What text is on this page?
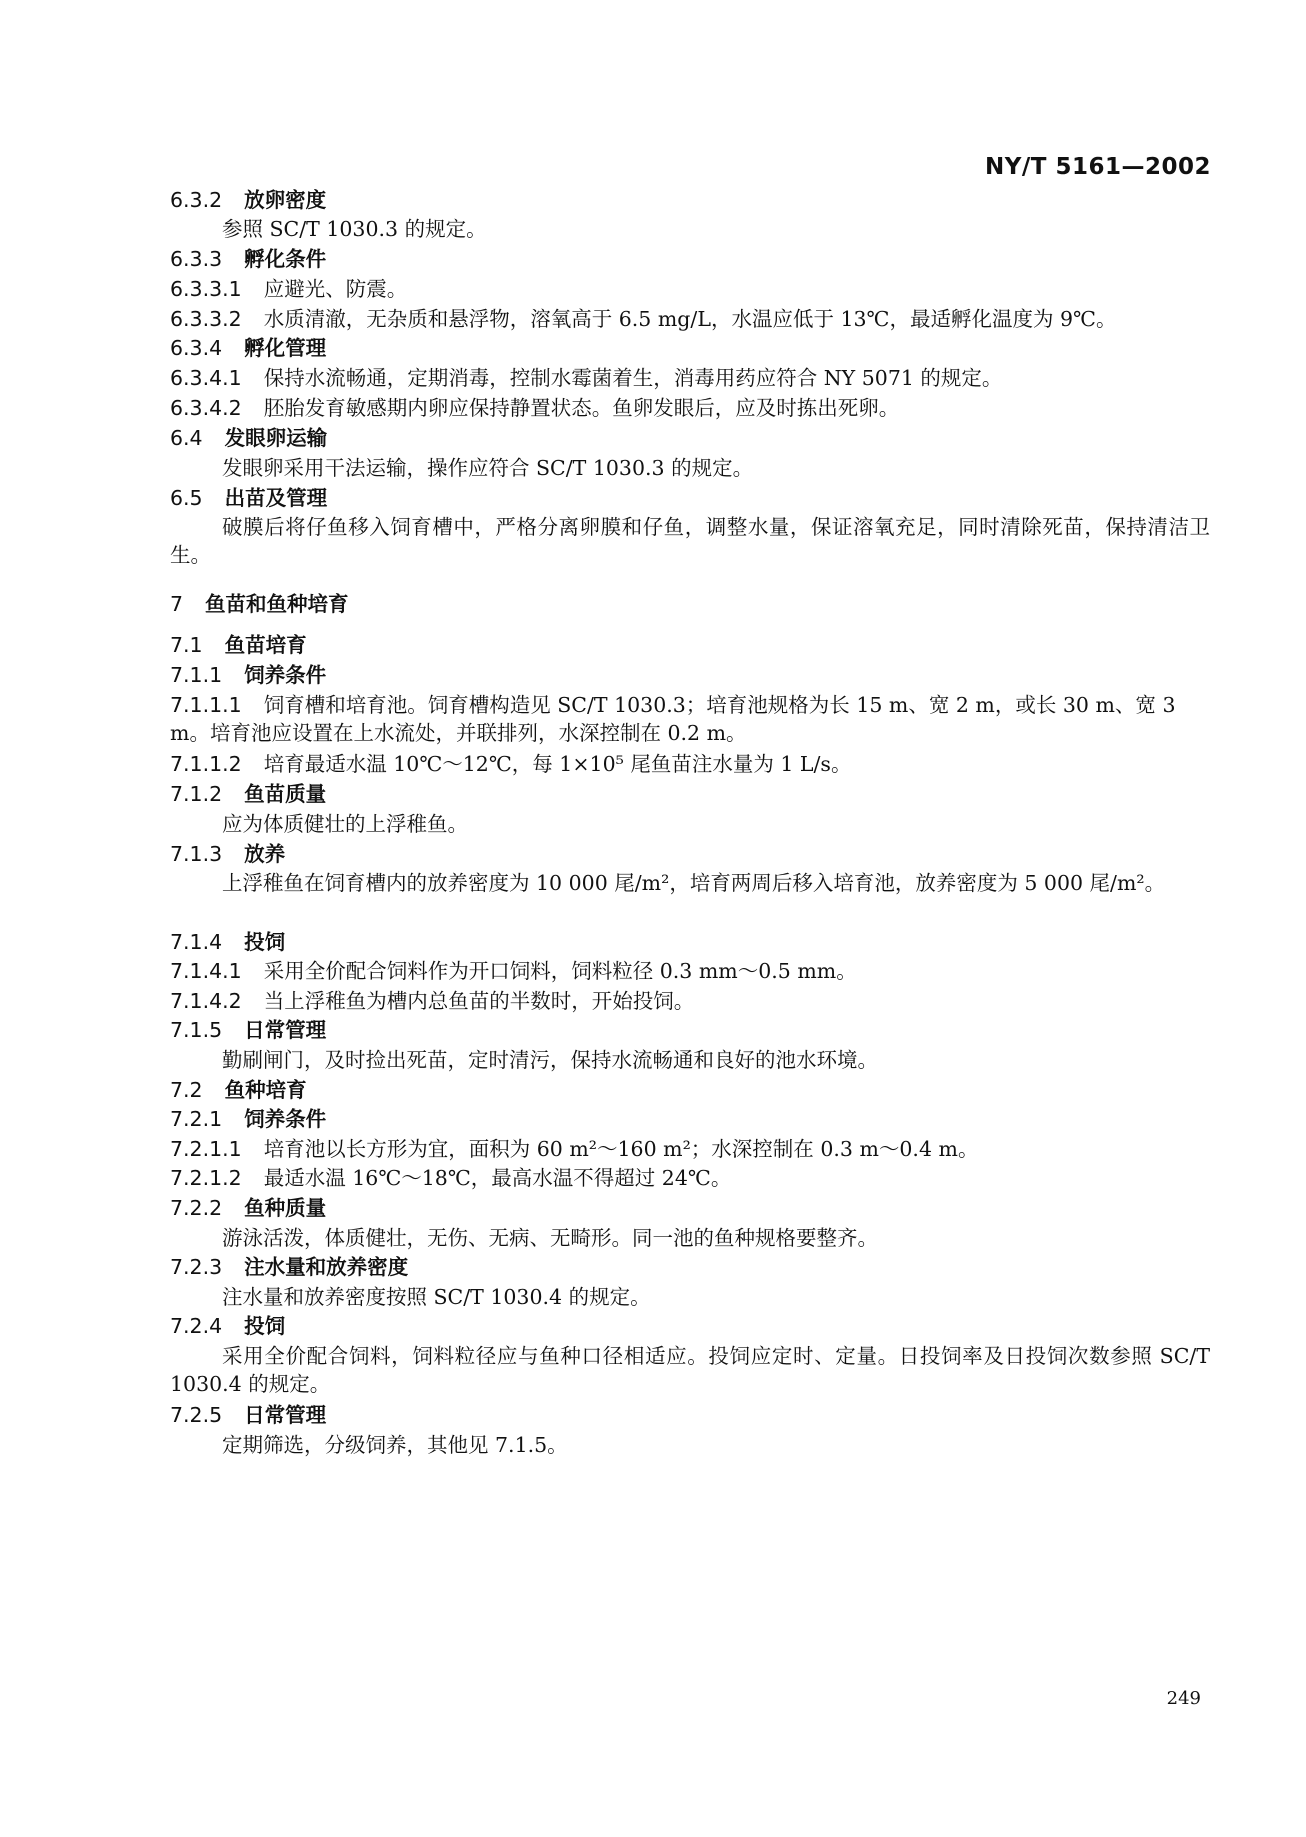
NY/T 5161—2002
6.3.2 放卵密度
参照 SC/T 1030.3 的规定。
6.3.3 孵化条件
6.3.3.1 应避光、防震。
6.3.3.2 水质清澈，无杂质和悬浮物，溶氧高于 6.5 mg/L，水温应低于 13℃，最适孵化温度为 9℃。
6.3.4 孵化管理
6.3.4.1 保持水流畅通，定期消毒，控制水霉菌着生，消毒用药应符合 NY 5071 的规定。
6.3.4.2 胚胎发育敏感期内卵应保持静置状态。鱼卵发眼后，应及时拣出死卵。
6.4 发眼卵运输
发眼卵采用干法运输，操作应符合 SC/T 1030.3 的规定。
6.5 出苗及管理
破膜后将仔鱼移入饲育槽中，严格分离卵膜和仔鱼，调整水量，保证溶氧充足，同时清除死苗，保持清洁卫生。
7 鱼苗和鱼种培育
7.1 鱼苗培育
7.1.1 饲养条件
7.1.1.1 饲育槽和培育池。饲育槽构造见 SC/T 1030.3；培育池规格为长 15 m、宽 2 m，或长 30 m、宽 3 m。培育池应设置在上水流处，并联排列，水深控制在 0.2 m。
7.1.1.2 培育最适水温 10℃～12℃，每 1×10⁵ 尾鱼苗注水量为 1 L/s。
7.1.2 鱼苗质量
应为体质健壮的上浮稚鱼。
7.1.3 放养
上浮稚鱼在饲育槽内的放养密度为 10 000 尾/m²，培育两周后移入培育池，放养密度为 5 000 尾/m²。
7.1.4 投饲
7.1.4.1 采用全价配合饲料作为开口饲料，饲料粒径 0.3 mm～0.5 mm。
7.1.4.2 当上浮稚鱼为槽内总鱼苗的半数时，开始投饲。
7.1.5 日常管理
勤刷闸门，及时捡出死苗，定时清污，保持水流畅通和良好的池水环境。
7.2 鱼种培育
7.2.1 饲养条件
7.2.1.1 培育池以长方形为宜，面积为 60 m²～160 m²；水深控制在 0.3 m～0.4 m。
7.2.1.2 最适水温 16℃～18℃，最高水温不得超过 24℃。
7.2.2 鱼种质量
游泳活泼，体质健壮，无伤、无病、无畸形。同一池的鱼种规格要整齐。
7.2.3 注水量和放养密度
注水量和放养密度按照 SC/T 1030.4 的规定。
7.2.4 投饲
采用全价配合饲料，饲料粒径应与鱼种口径相适应。投饲应定时、定量。日投饲率及日投饲次数参照 SC/T 1030.4 的规定。
7.2.5 日常管理
定期筛选，分级饲养，其他见 7.1.5。
249
